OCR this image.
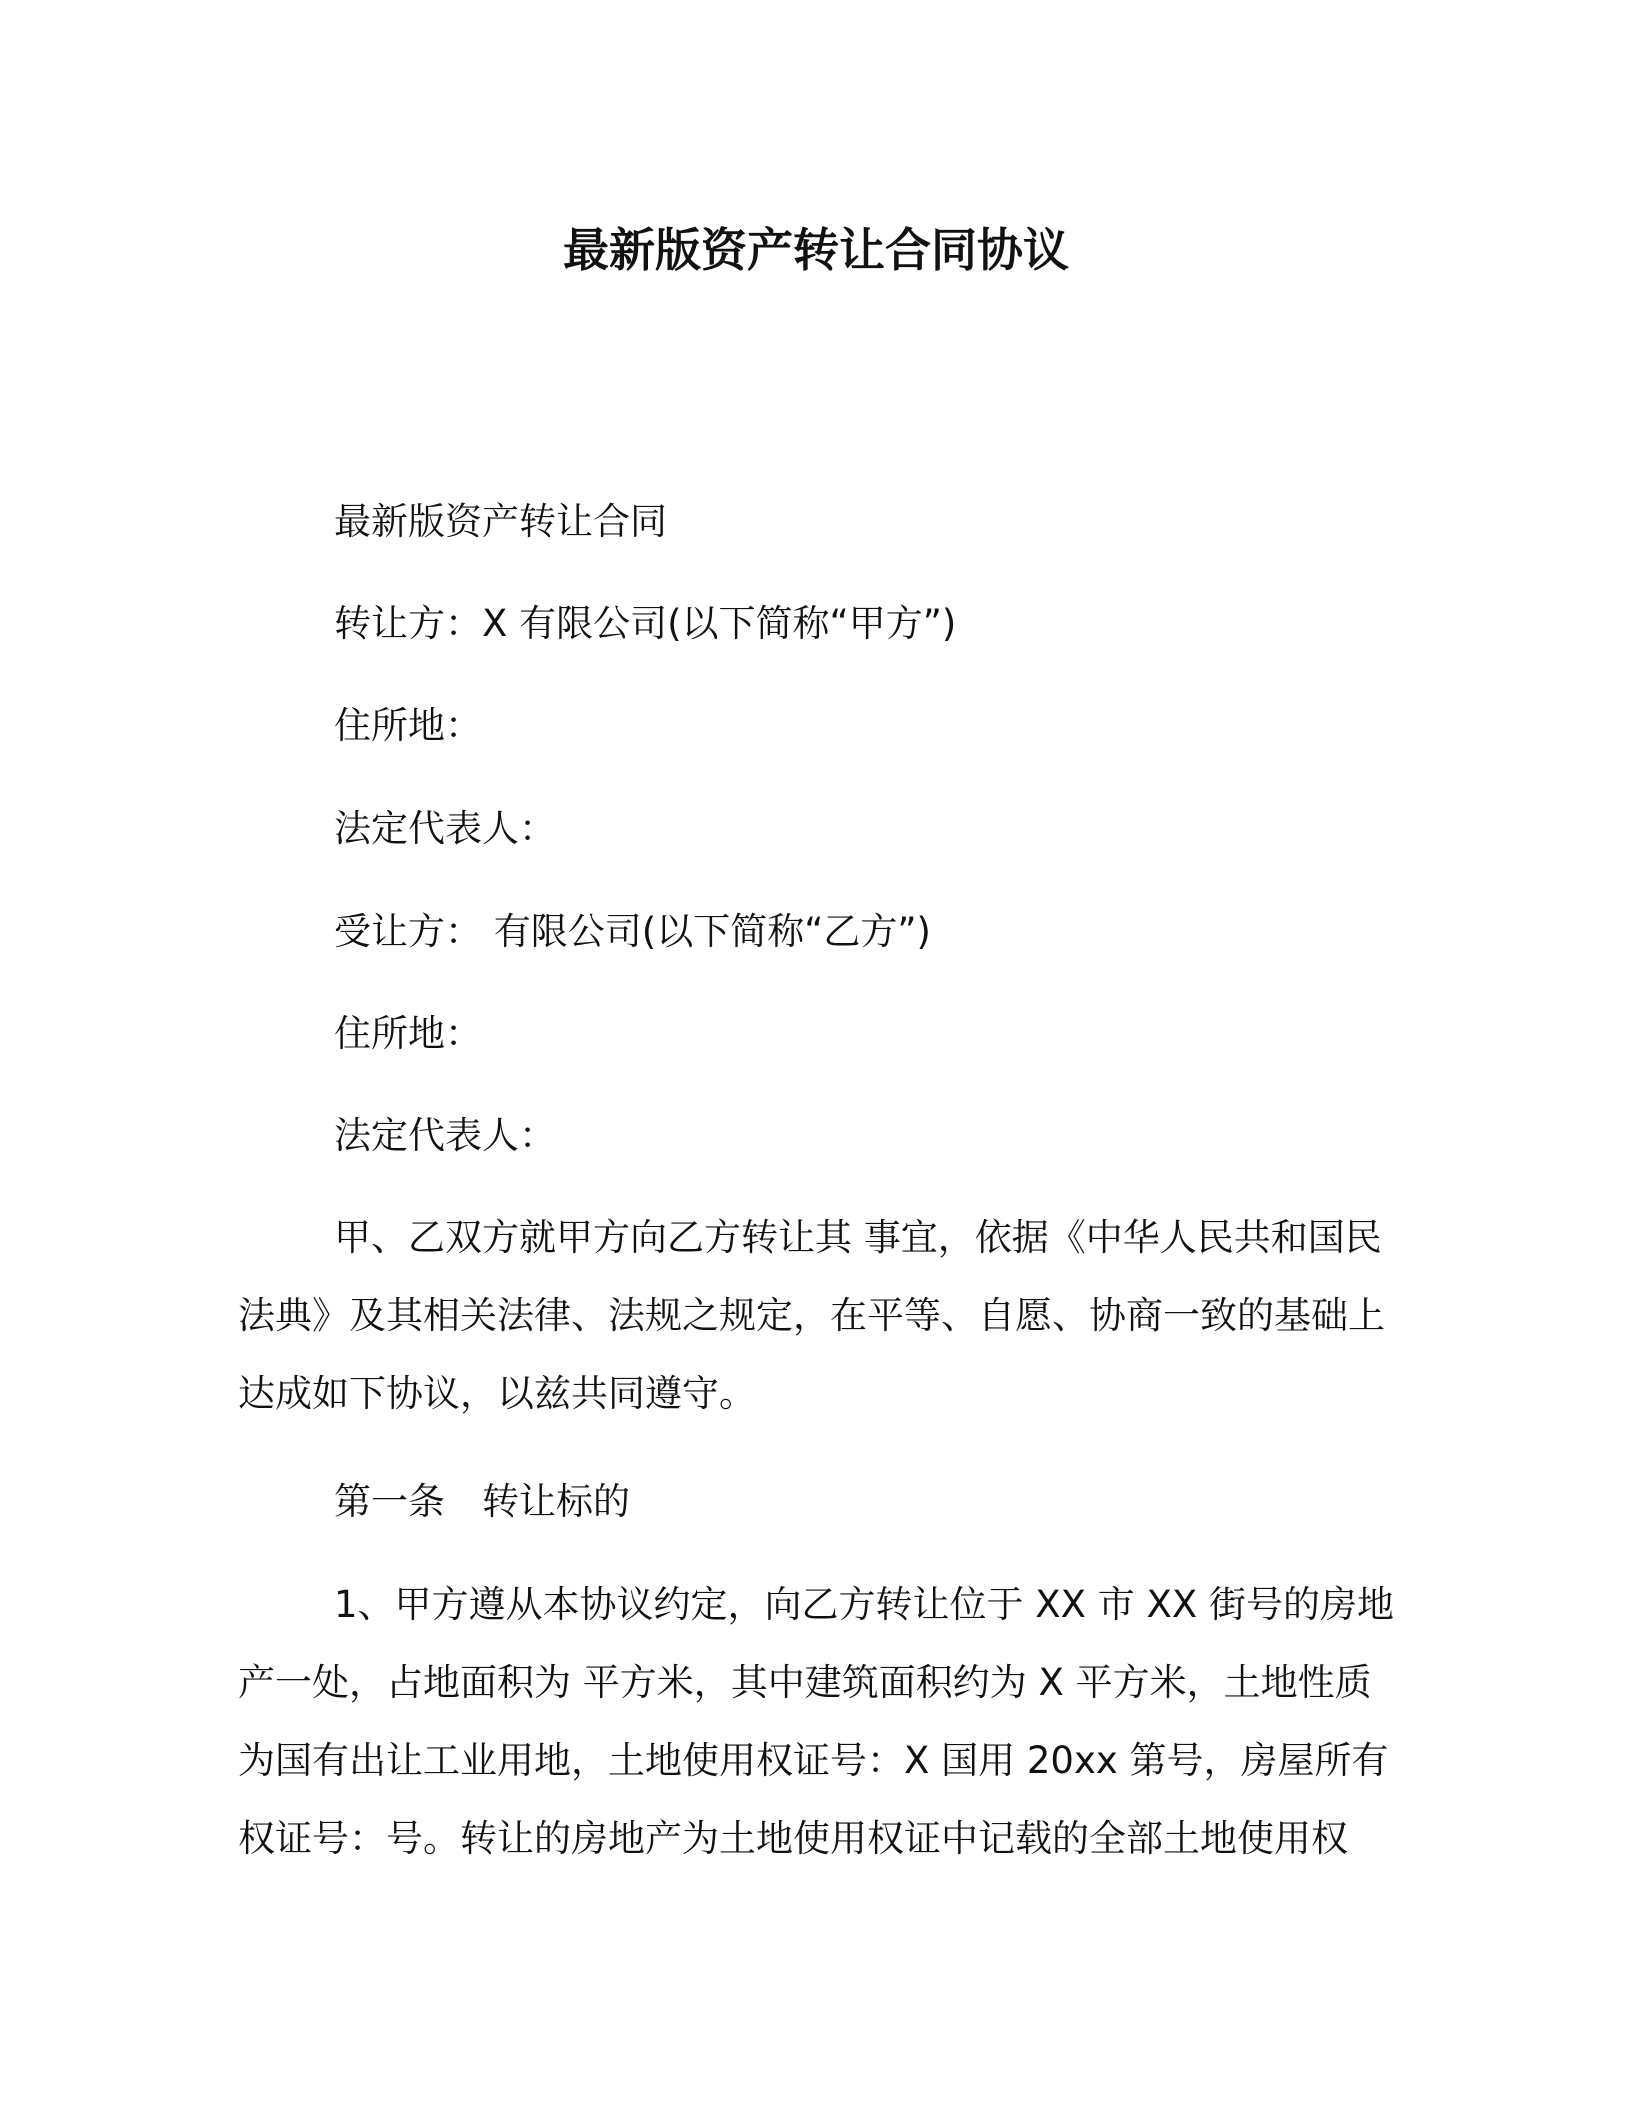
最新版资产转让合同协议
最新版资产转让合同
转让方：X 有限公司(以下简称“甲方”)
住所地：
法定代表人：
受让方： 有限公司(以下简称“乙方”)
住所地：
法定代表人：
甲、乙双方就甲方向乙方转让其 事宜，依据《中华人民共和国民法典》及其相关法律、法规之规定，在平等、自愿、协商一致的基础上达成如下协议，以兹共同遵守。
第一条　转让标的
1、甲方遵从本协议约定，向乙方转让位于 XX 市 XX 街号的房地产一处，占地面积为 平方米，其中建筑面积约为 X 平方米，土地性质为国有出让工业用地，土地使用权证号：X 国用 20xx 第号，房屋所有权证号：号。转让的房地产为土地使用权证中记载的全部土地使用权
